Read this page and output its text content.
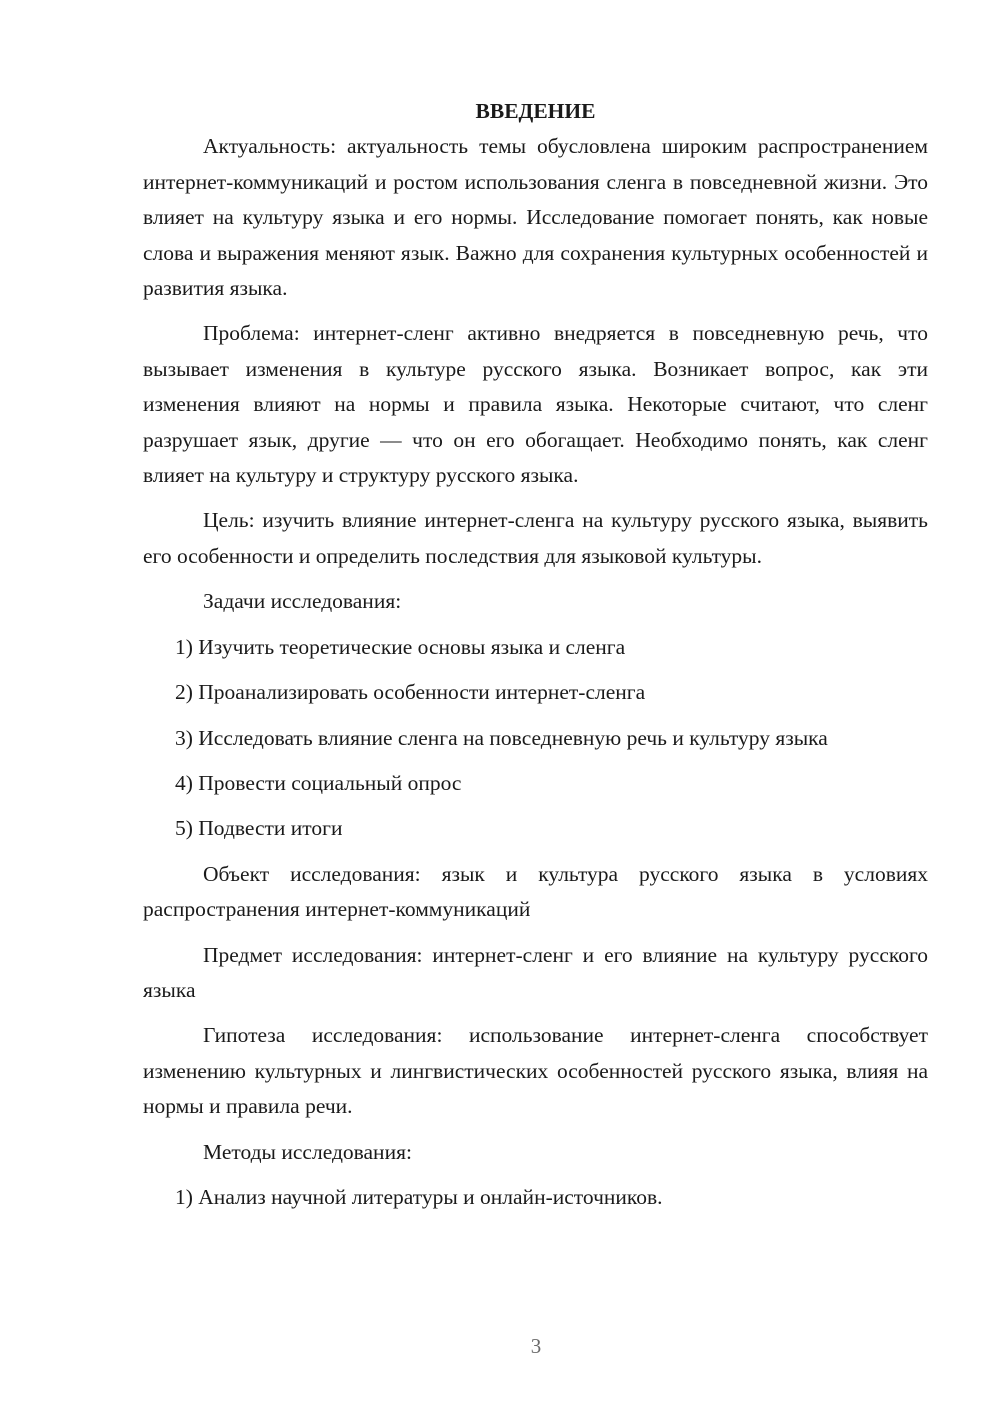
ВВЕДЕНИЕ

Актуальность: актуальность темы обусловлена широким распространением интернет-коммуникаций и ростом использования сленга в повседневной жизни. Это влияет на культуру языка и его нормы. Исследование помогает понять, как новые слова и выражения меняют язык. Важно для сохранения культурных особенностей и развития языка.

Проблема: интернет-сленг активно внедряется в повседневную речь, что вызывает изменения в культуре русского языка. Возникает вопрос, как эти изменения влияют на нормы и правила языка. Некоторые считают, что сленг разрушает язык, другие — что он его обогащает. Необходимо понять, как сленг влияет на культуру и структуру русского языка.

Цель: изучить влияние интернет-сленга на культуру русского языка, выявить его особенности и определить последствия для языковой культуры.

Задачи исследования:

1) Изучить теоретические основы языка и сленга

2) Проанализировать особенности интернет-сленга

3) Исследовать влияние сленга на повседневную речь и культуру языка

4) Провести социальный опрос

5) Подвести итоги

Объект исследования: язык и культура русского языка в условиях распространения интернет-коммуникаций

Предмет исследования: интернет-сленг и его влияние на культуру русского языка

Гипотеза исследования: использование интернет-сленга способствует изменению культурных и лингвистических особенностей русского языка, влияя на нормы и правила речи.

Методы исследования:

1) Анализ научной литературы и онлайн-источников.

3
